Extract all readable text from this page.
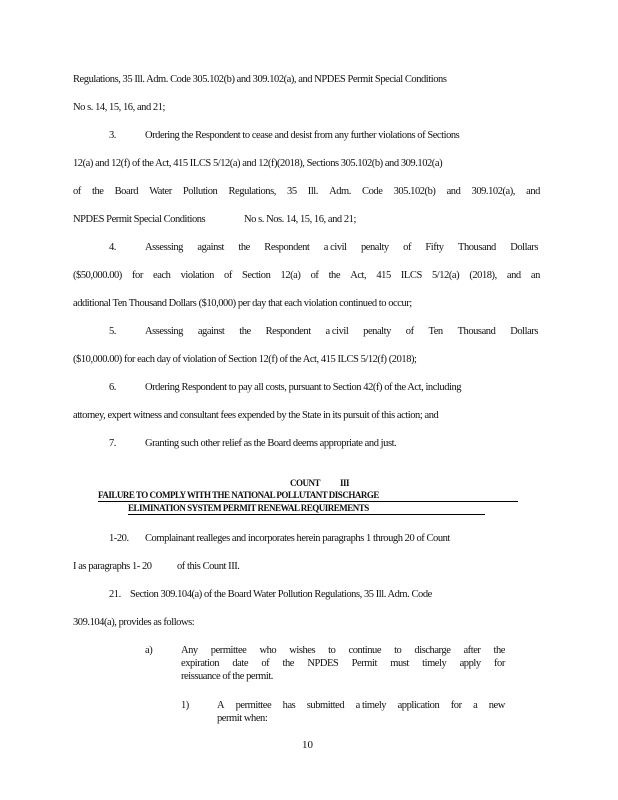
Regulations, 35 Ill. Adm. Code 305.102(b) and 309.102(a), and NPDES Permit Special Conditions
No s. 14, 15, 16, and 21;
3.	Ordering the Respondent to cease and desist from any further violations of Sections
12(a) and 12(f) of the Act, 415 ILCS 5/12(a) and 12(f)(2018), Sections 305.102(b) and 309.102(a)
of the Board Water Pollution Regulations, 35 Ill. Adm. Code 305.102(b) and 309.102(a), and
NPDES Permit Special Conditions	No s. Nos. 14, 15, 16, and 21;
4.	Assessing against the Respondent a civil penalty of Fifty Thousand Dollars
($50,000.00) for each violation of Section 12(a) of the Act, 415 ILCS 5/12(a) (2018), and an
additional Ten Thousand Dollars ($10,000) per day that each violation continued to occur;
5.	Assessing against the Respondent a civil penalty of Ten Thousand Dollars
($10,000.00) for each day of violation of Section 12(f) of the Act, 415 ILCS 5/12(f) (2018);
6.	Ordering Respondent to pay all costs, pursuant to Section 42(f) of the Act, including
attorney, expert witness and consultant fees expended by the State in its pursuit of this action; and
7.	Granting such other relief as the Board deems appropriate and just.
COUNT III
FAILURE TO COMPLY WITH THE NATIONAL POLLUTANT DISCHARGE
ELIMINATION SYSTEM PERMIT RENEWAL REQUIREMENTS
1-20. Complainant realleges and incorporates herein paragraphs 1 through 20 of Count
I as paragraphs 1- 20 of this Count III.
21. Section 309.104(a) of the Board Water Pollution Regulations, 35 Ill. Adm. Code
309.104(a), provides as follows:
a)	Any permittee who wishes to continue to discharge after the
expiration date of the NPDES Permit must timely apply for
reissuance of the permit.
1)	A permittee has submitted a timely application for a new
permit when:
10
